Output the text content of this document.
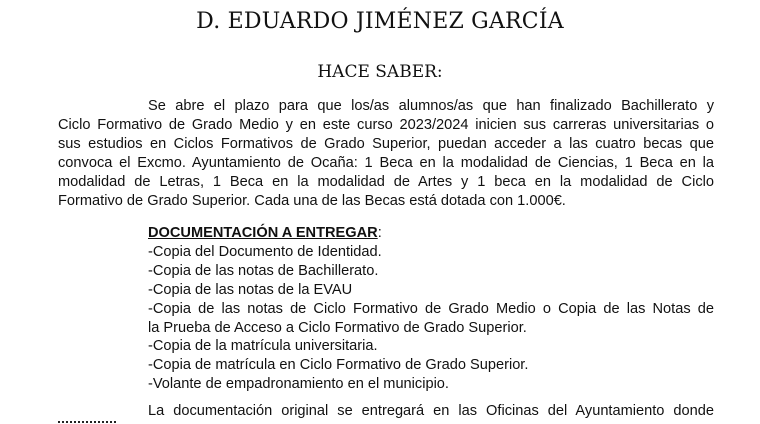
D. EDUARDO JIMÉNEZ GARCÍA
HACE SABER:
Se abre el plazo para que los/as alumnos/as que han finalizado Bachillerato y
Ciclo Formativo de Grado Medio y en este curso 2023/2024 inicien sus carreras universitarias o
sus estudios en Ciclos Formativos de Grado Superior, puedan acceder a las cuatro becas que
convoca el Excmo. Ayuntamiento de Ocaña: 1 Beca en la modalidad de Ciencias, 1 Beca en la
modalidad de Letras, 1 Beca en la modalidad de Artes y 1 beca en la modalidad de Ciclo
Formativo de Grado Superior. Cada una de las Becas está dotada con 1.000€.
DOCUMENTACIÓN A ENTREGAR:
-Copia del Documento de Identidad.
-Copia de las notas de Bachillerato.
-Copia de las notas de la EVAU
-Copia de las notas de Ciclo Formativo de Grado Medio o Copia de las Notas de
la Prueba de Acceso a Ciclo Formativo de Grado Superior.
-Copia de la matrícula universitaria.
-Copia de matrícula en Ciclo Formativo de Grado Superior.
-Volante de empadronamiento en el municipio.
La documentación original se entregará en las Oficinas del Ayuntamiento donde
